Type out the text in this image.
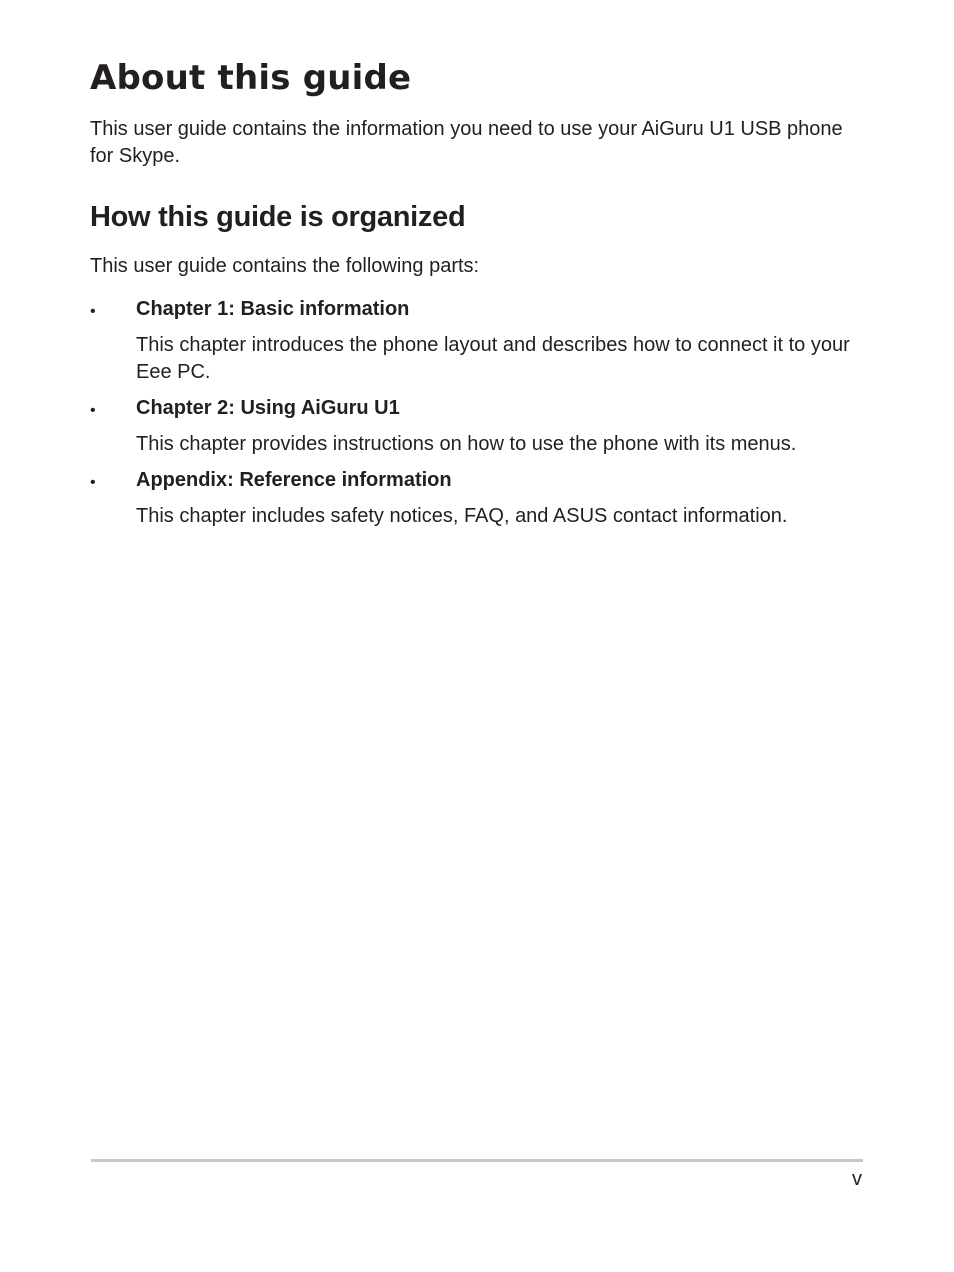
About this guide

This user guide contains the information you need to use your AiGuru U1 USB phone for Skype.

How this guide is organized

This user guide contains the following parts:

• Chapter 1: Basic information

This chapter introduces the phone layout and describes how to connect it to your Eee PC.

• Chapter 2: Using AiGuru U1

This chapter provides instructions on how to use the phone with its menus.

• Appendix: Reference information

This chapter includes safety notices, FAQ, and ASUS contact information.

v
